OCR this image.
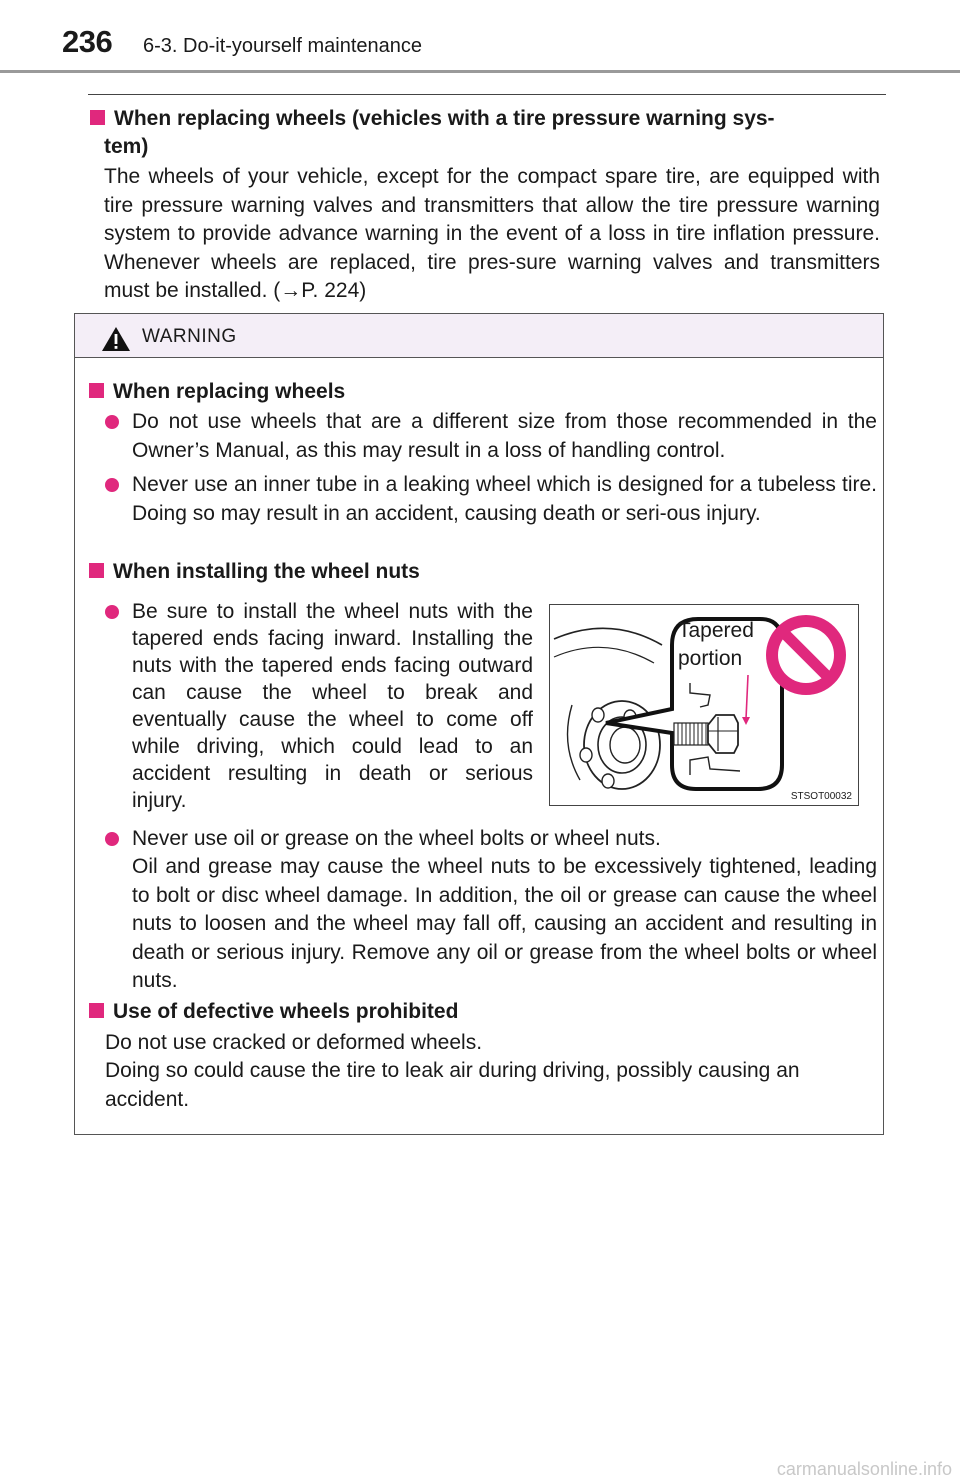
236 6-3. Do-it-yourself maintenance
When replacing wheels (vehicles with a tire pressure warning sys-
tem)
The wheels of your vehicle, except for the compact spare tire, are equipped with tire pressure warning valves and transmitters that allow the tire pressure warning system to provide advance warning in the event of a loss in tire inflation pressure. Whenever wheels are replaced, tire pres-sure warning valves and transmitters must be installed. (→P. 224)
WARNING
When replacing wheels
Do not use wheels that are a different size from those recommended in the Owner’s Manual, as this may result in a loss of handling control.
Never use an inner tube in a leaking wheel which is designed for a tubeless tire. Doing so may result in an accident, causing death or seri-ous injury.
When installing the wheel nuts
Be sure to install the wheel nuts with the tapered ends facing inward. Installing the nuts with the tapered ends facing outward can cause the wheel to break and eventually cause the wheel to come off while driving, which could lead to an accident resulting in death or serious injury.
Tapered
portion
STSOT00032
Never use oil or grease on the wheel bolts or wheel nuts.
Oil and grease may cause the wheel nuts to be excessively tightened, leading to bolt or disc wheel damage. In addition, the oil or grease can cause the wheel nuts to loosen and the wheel may fall off, causing an accident and resulting in death or serious injury. Remove any oil or grease from the wheel bolts or wheel nuts.
Use of defective wheels prohibited
Do not use cracked or deformed wheels.
Doing so could cause the tire to leak air during driving, possibly causing an accident.
carmanualsonline.info
